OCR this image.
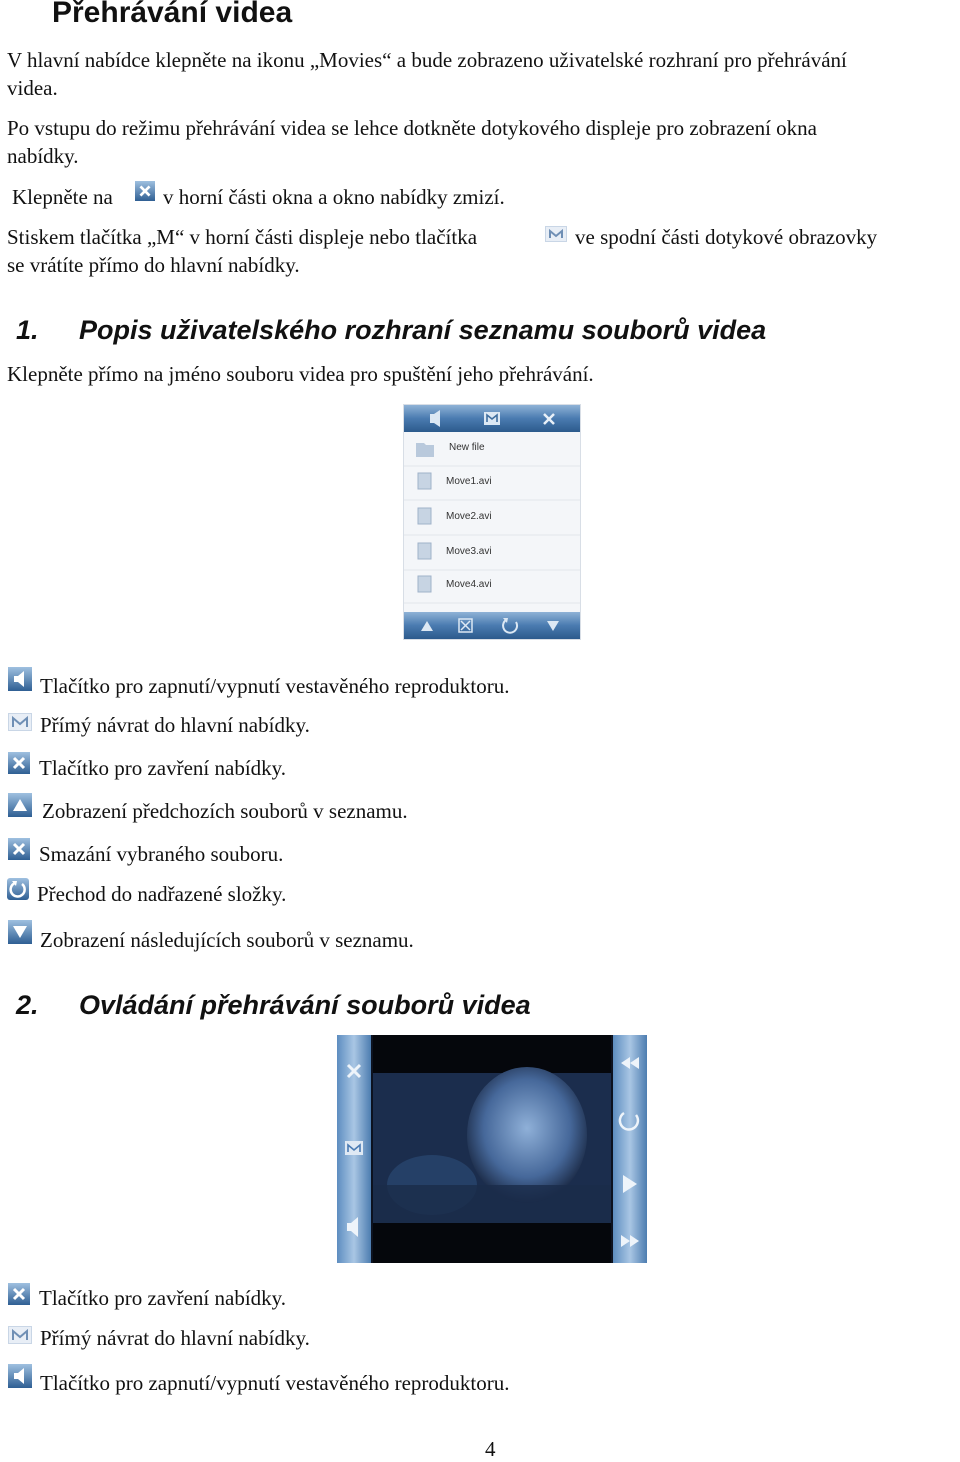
Přehrávání videa
V hlavní nabídce klepněte na ikonu „Movies“ a bude zobrazeno uživatelské rozhraní pro přehrávání
videa.
Po vstupu do režimu přehrávání videa se lehce dotkněte dotykového displeje pro zobrazení okna
nabídky.
Klepněte na v horní části okna a okno nabídky zmizí.
Stiskem tlačítka „M“ v horní části displeje nebo tlačítka	ve spodní části dotykové obrazovky
se vrátíte přímo do hlavní nabídky.
1. Popis uživatelského rozhraní seznamu souborů videa
Klepněte přímo na jméno souboru videa pro spuštění jeho přehrávání.
New file
Move1.avi
Move2.avi
Move3.avi
Move4.avi
Tlačítko pro zapnutí/vypnutí vestavěného reproduktoru.
Přímý návrat do hlavní nabídky.
Tlačítko pro zavření nabídky.
Zobrazení předchozích souborů v seznamu.
Smazání vybraného souboru.
Přechod do nadřazené složky.
Zobrazení následujících souborů v seznamu.
2. Ovládání přehrávání souborů videa
Tlačítko pro zavření nabídky.
Přímý návrat do hlavní nabídky.
Tlačítko pro zapnutí/vypnutí vestavěného reproduktoru.
4
